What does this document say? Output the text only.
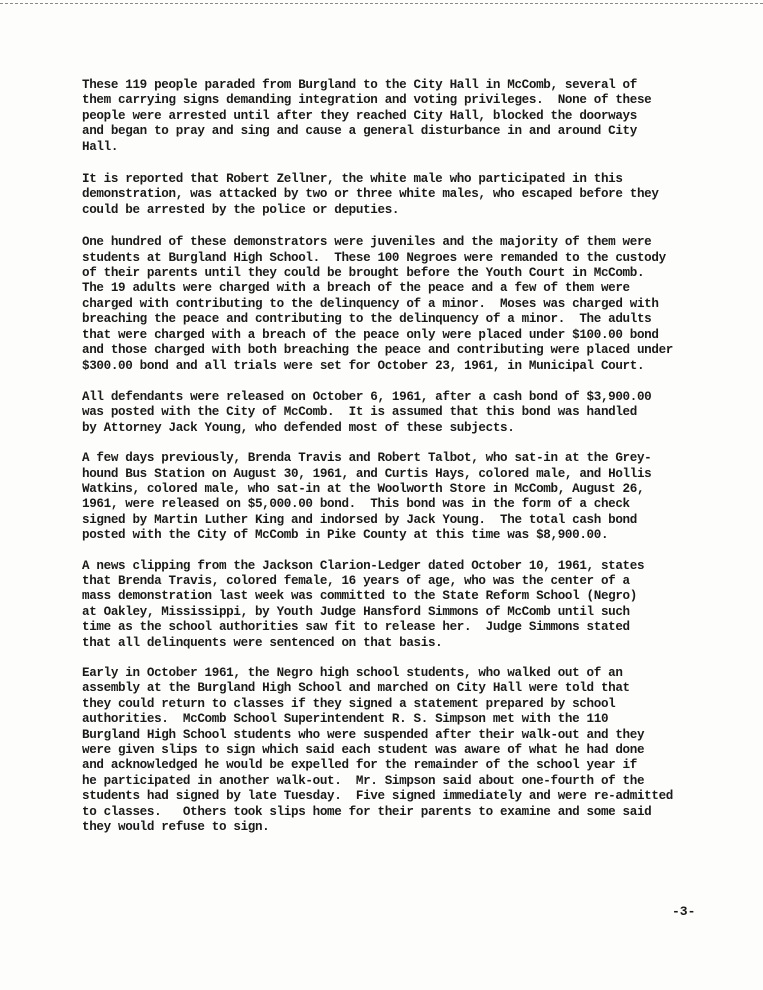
These 119 people paraded from Burgland to the City Hall in McComb, several of
them carrying signs demanding integration and voting privileges.  None of these
people were arrested until after they reached City Hall, blocked the doorways
and began to pray and sing and cause a general disturbance in and around City
Hall.

It is reported that Robert Zellner, the white male who participated in this
demonstration, was attacked by two or three white males, who escaped before they
could be arrested by the police or deputies.

One hundred of these demonstrators were juveniles and the majority of them were
students at Burgland High School.  These 100 Negroes were remanded to the custody
of their parents until they could be brought before the Youth Court in McComb.
The 19 adults were charged with a breach of the peace and a few of them were
charged with contributing to the delinquency of a minor.  Moses was charged with
breaching the peace and contributing to the delinquency of a minor.  The adults
that were charged with a breach of the peace only were placed under $100.00 bond
and those charged with both breaching the peace and contributing were placed under
$300.00 bond and all trials were set for October 23, 1961, in Municipal Court.

All defendants were released on October 6, 1961, after a cash bond of $3,900.00
was posted with the City of McComb.  It is assumed that this bond was handled
by Attorney Jack Young, who defended most of these subjects.

A few days previously, Brenda Travis and Robert Talbot, who sat-in at the Grey-
hound Bus Station on August 30, 1961, and Curtis Hays, colored male, and Hollis
Watkins, colored male, who sat-in at the Woolworth Store in McComb, August 26,
1961, were released on $5,000.00 bond.  This bond was in the form of a check
signed by Martin Luther King and indorsed by Jack Young.  The total cash bond
posted with the City of McComb in Pike County at this time was $8,900.00.

A news clipping from the Jackson Clarion-Ledger dated October 10, 1961, states
that Brenda Travis, colored female, 16 years of age, who was the center of a
mass demonstration last week was committed to the State Reform School (Negro)
at Oakley, Mississippi, by Youth Judge Hansford Simmons of McComb until such
time as the school authorities saw fit to release her.  Judge Simmons stated
that all delinquents were sentenced on that basis.

Early in October 1961, the Negro high school students, who walked out of an
assembly at the Burgland High School and marched on City Hall were told that
they could return to classes if they signed a statement prepared by school
authorities.  McComb School Superintendent R. S. Simpson met with the 110
Burgland High School students who were suspended after their walk-out and they
were given slips to sign which said each student was aware of what he had done
and acknowledged he would be expelled for the remainder of the school year if
he participated in another walk-out.  Mr. Simpson said about one-fourth of the
students had signed by late Tuesday.  Five signed immediately and were re-admitted
to classes.   Others took slips home for their parents to examine and some said
they would refuse to sign.

-3-
